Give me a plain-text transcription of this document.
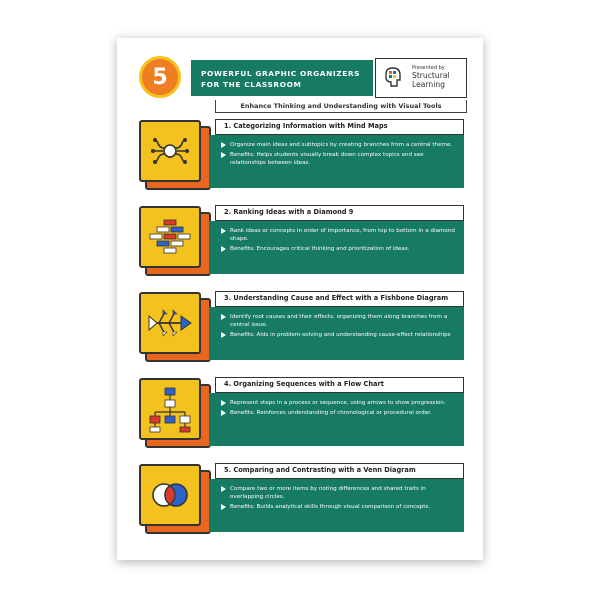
5	POWERFUL GRAPHIC ORGANIZERS
FOR THE CLASSROOM
Presented by
Structural
Learning
Enhance Thinking and Understanding with Visual Tools
1. Categorizing Information with Mind Maps
Organize main ideas and subtopics by creating branches from a central theme.
Benefits: Helps students visually break down complex topics and see relationships between ideas.
2. Ranking Ideas with a Diamond 9
Rank ideas or concepts in order of importance, from top to bottom in a diamond shape.
Benefits: Encourages critical thinking and prioritization of ideas.
3. Understanding Cause and Effect with a Fishbone Diagram
Identify root causes and their effects, organizing them along branches from a central issue.
Benefits: Aids in problem-solving and understanding cause-effect relationships
4. Organizing Sequences with a Flow Chart
Represent steps in a process or sequence, using arrows to show progression.
Benefits: Reinforces understanding of chronological or procedural order.
5. Comparing and Contrasting with a Venn Diagram
Compare two or more items by noting differences and shared traits in overlapping circles.
Benefits: Builds analytical skills through visual comparison of concepts.
